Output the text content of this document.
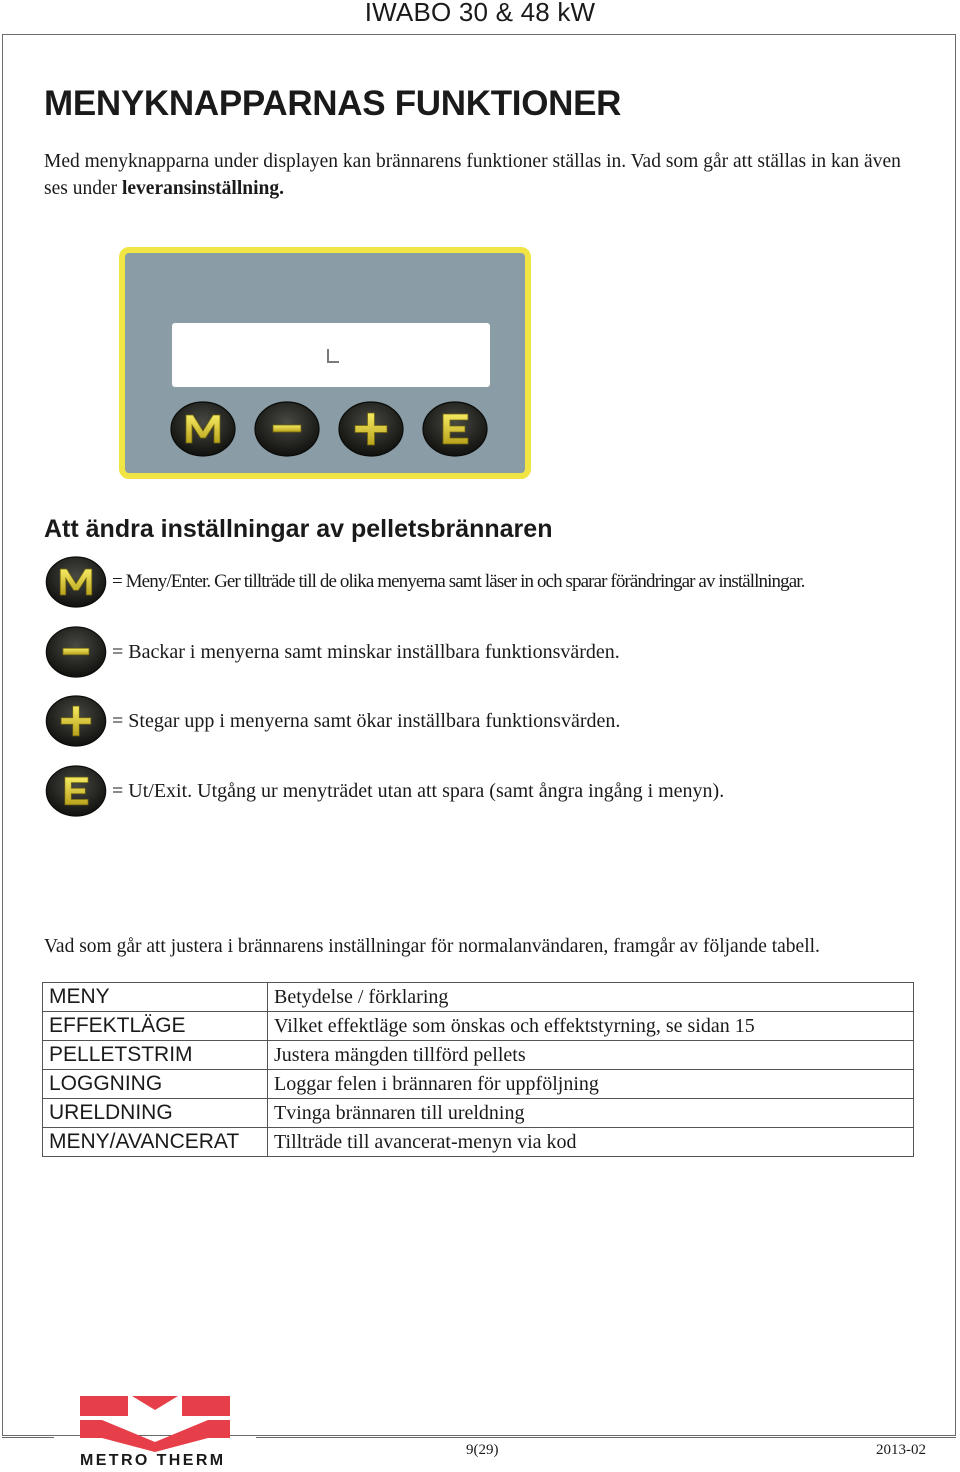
IWABO 30 & 48 kW
MENYKNAPPARNAS FUNKTIONER
Med menyknapparna under displayen kan brännarens funktioner ställas in. Vad som går att ställas in kan även ses under leveransinställning.
Att ändra inställningar av pelletsbrännaren
= Meny/Enter. Ger tillträde till de olika menyerna samt läser in och sparar förändringar av inställningar.
= Backar i menyerna samt minskar inställbara funktionsvärden.
= Stegar upp i menyerna samt ökar inställbara funktionsvärden.
= Ut/Exit. Utgång ur menyträdet utan att spara (samt ångra ingång i menyn).
Vad som går att justera i brännarens inställningar för normalanvändaren, framgår av följande tabell.
MENY	Betydelse / förklaring
EFFEKTLÄGE	Vilket effektläge som önskas och effektstyrning, se sidan 15
PELLETSTRIM	Justera mängden tillförd pellets
LOGGNING	Loggar felen i brännaren för uppföljning
URELDNING	Tvinga brännaren till ureldning
MENY/AVANCERAT	Tillträde till avancerat-menyn via kod
METRO THERM
9(29)	2013-02
